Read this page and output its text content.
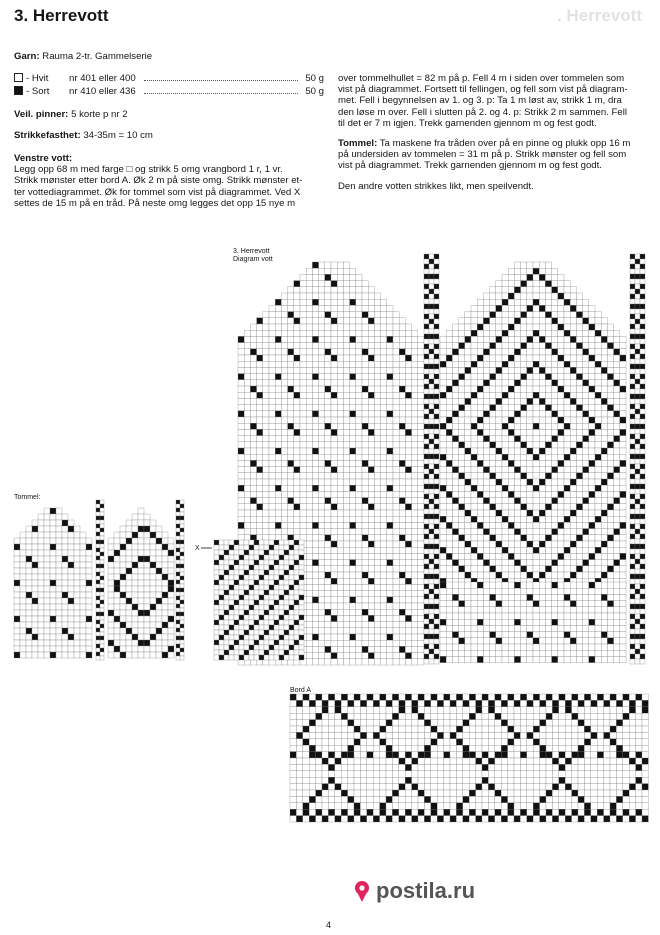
3. Herrevott	. Herrevott
Garn: Rauma 2-tr. Gammelserie
- Hvit nr 401 eller 400	50 g
- Sort nr 410 eller 436	50 g
Veil. pinner: 5 korte p nr 2
Strikkefasthet: 34-35m = 10 cm
Venstre vott:
Legg opp 68 m med farge □ og strikk 5 omg vrangbord 1 r, 1 vr.
Strikk mønster etter bord A. Øk 2 m på siste omg. Strikk mønster et-
ter vottediagrammet. Øk for tommel som vist på diagrammet. Ved X
settes de 15 m på en tråd. På neste omg legges det opp 15 nye m
over tommelhullet = 82 m på p. Fell 4 m i siden over tommelen som
vist på diagrammet. Fortsett til fellingen, og fell som vist på diagram-
met. Fell i begynnelsen av 1. og 3. p: Ta 1 m løst av, strikk 1 m, dra
den løse m over. Fell i slutten på 2. og 4. p: Strikk 2 m sammen. Fell
til det er 7 m igjen. Trekk garnenden gjennom m og fest godt.
Tommel: Ta maskene fra tråden over på en pinne og plukk opp 16 m
på undersiden av tommelen = 31 m på p. Strikk mønster og fell som
vist på diagrammet. Trekk garnenden gjennom m og fest godt.
Den andre votten strikkes likt, men speilvendt.
3. Herrevott
Diagram vott
Tommel:
Bord A
X
postila.ru
4
